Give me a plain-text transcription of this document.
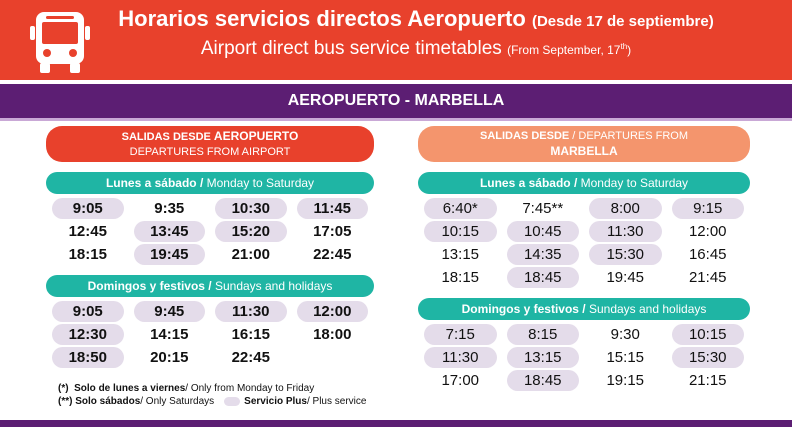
Horarios servicios directos Aeropuerto (Desde 17 de septiembre)
Airport direct bus service timetables (From September, 17th)
AEROPUERTO - MARBELLA
SALIDAS DESDE AEROPUERTO
DEPARTURES FROM AIRPORT
Lunes a sábado / Monday to Saturday
9:05	9:35	10:30	11:45
12:45	13:45	15:20	17:05
18:15	19:45	21:00	22:45
Domingos y festivos / Sundays and holidays
9:05	9:45	11:30	12:00
12:30	14:15	16:15	18:00
18:50	20:15	22:45
SALIDAS DESDE / DEPARTURES FROM
MARBELLA
Lunes a sábado / Monday to Saturday
6:40*	7:45**	8:00	9:15
10:15	10:45	11:30	12:00
13:15	14:35	15:30	16:45
18:15	18:45	19:45	21:45
Domingos y festivos / Sundays and holidays
7:15	8:15	9:30	10:15
11:30	13:15	15:15	15:30
17:00	18:45	19:15	21:15
(*)
Solo de lunes a viernes / Only from Monday to Friday
(**)
Solo sábados / Only Saturdays	Servicio Plus / Plus service
